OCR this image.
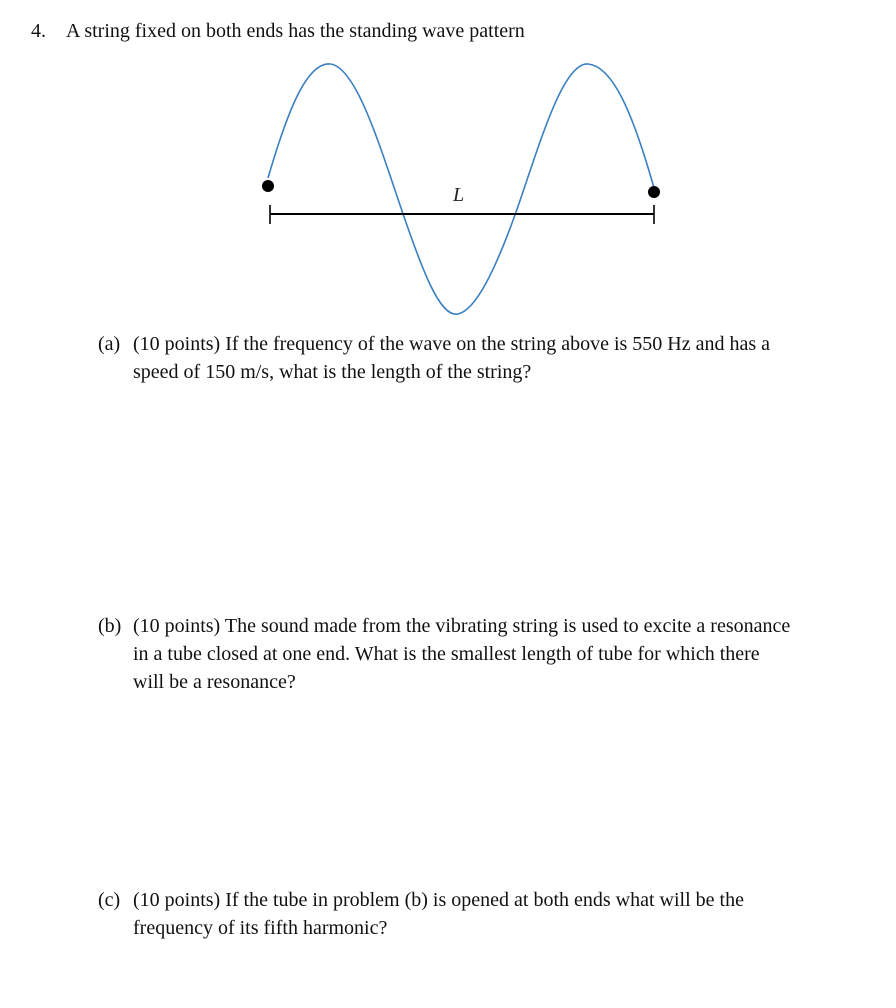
4. A string fixed on both ends has the standing wave pattern
L
(a) (10 points) If the frequency of the wave on the string above is 550 Hz and has a
speed of 150 m/s, what is the length of the string?
(b) (10 points) The sound made from the vibrating string is used to excite a resonance
in a tube closed at one end. What is the smallest length of tube for which there
will be a resonance?
(c) (10 points) If the tube in problem (b) is opened at both ends what will be the
frequency of its fifth harmonic?
